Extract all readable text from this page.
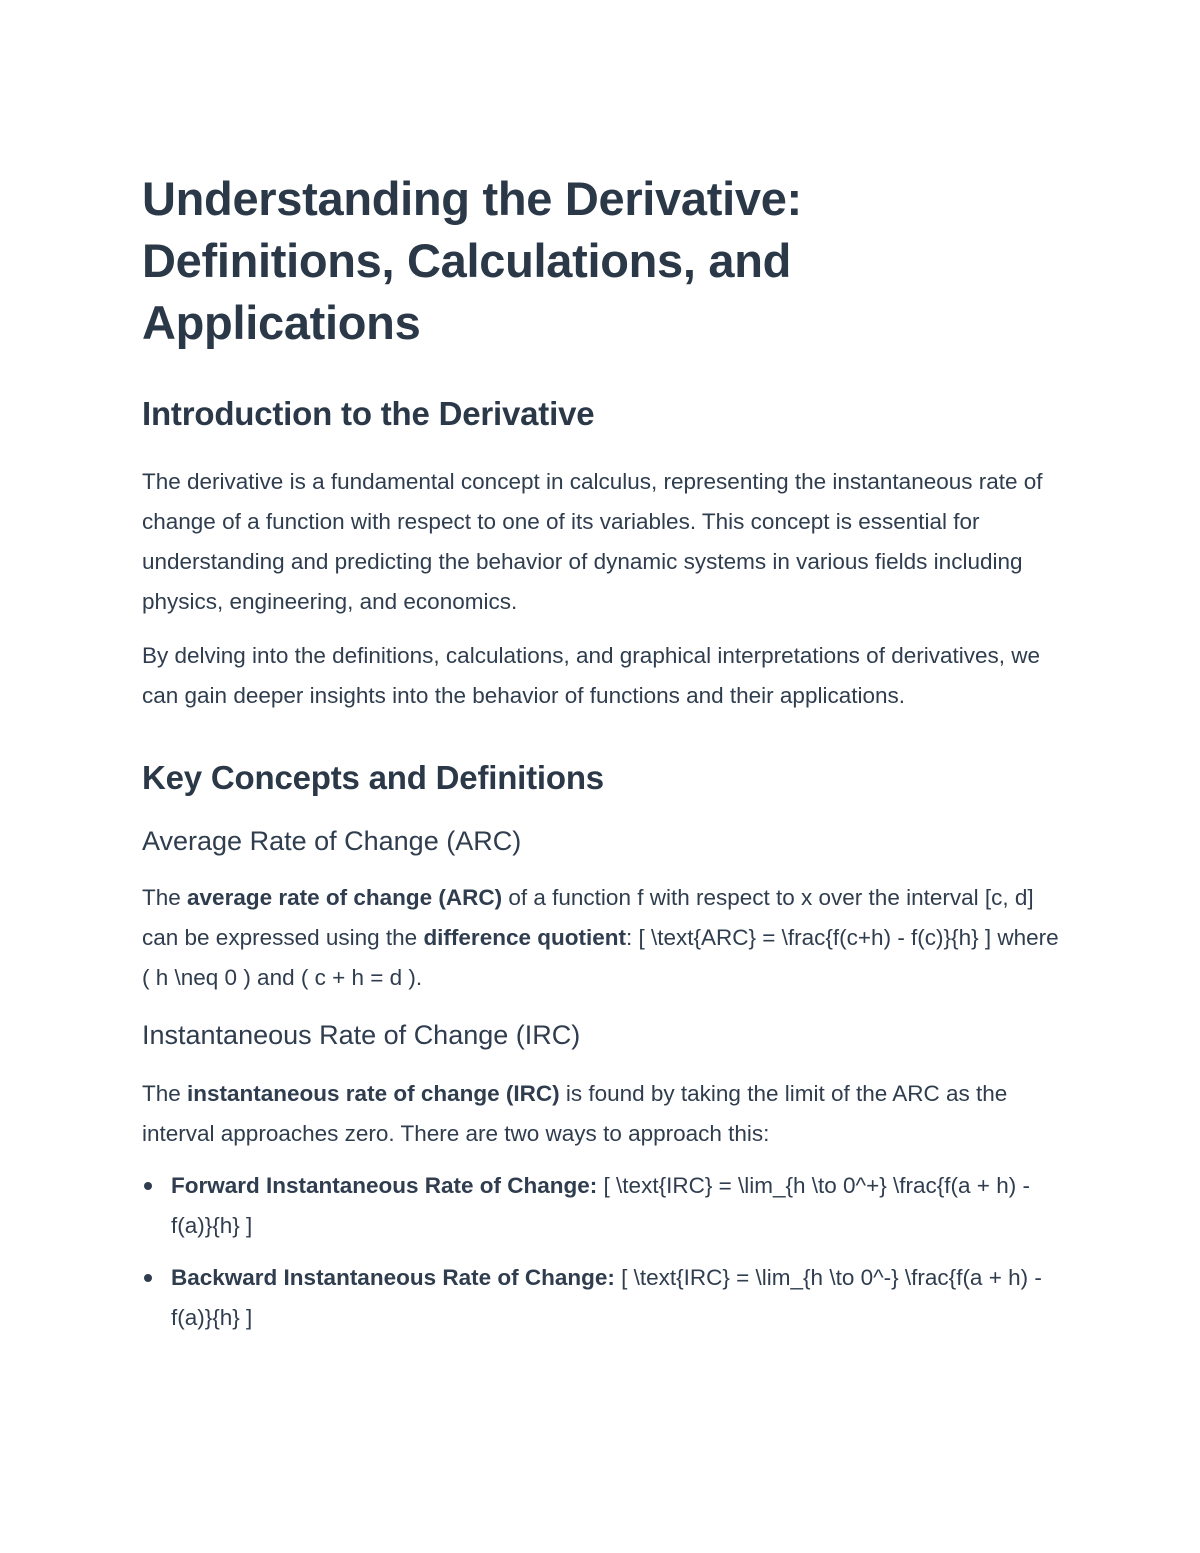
Understanding the Derivative: Definitions, Calculations, and Applications
Introduction to the Derivative

The derivative is a fundamental concept in calculus, representing the instantaneous rate of change of a function with respect to one of its variables. This concept is essential for understanding and predicting the behavior of dynamic systems in various fields including physics, engineering, and economics.

By delving into the definitions, calculations, and graphical interpretations of derivatives, we can gain deeper insights into the behavior of functions and their applications.

Key Concepts and Definitions
Average Rate of Change (ARC)

The average rate of change (ARC) of a function f with respect to x over the interval [c, d] can be expressed using the difference quotient: [ \text{ARC} = \frac{f(c+h) - f(c)}{h} ] where ( h \neq 0 ) and ( c + h = d ).

Instantaneous Rate of Change (IRC)

The instantaneous rate of change (IRC) is found by taking the limit of the ARC as the interval approaches zero. There are two ways to approach this:

Forward Instantaneous Rate of Change: [ \text{IRC} = \lim_{h \to 0^+} \frac{f(a + h) - f(a)}{h} ]
Backward Instantaneous Rate of Change: [ \text{IRC} = \lim_{h \to 0^-} \frac{f(a + h) - f(a)}{h} ]
